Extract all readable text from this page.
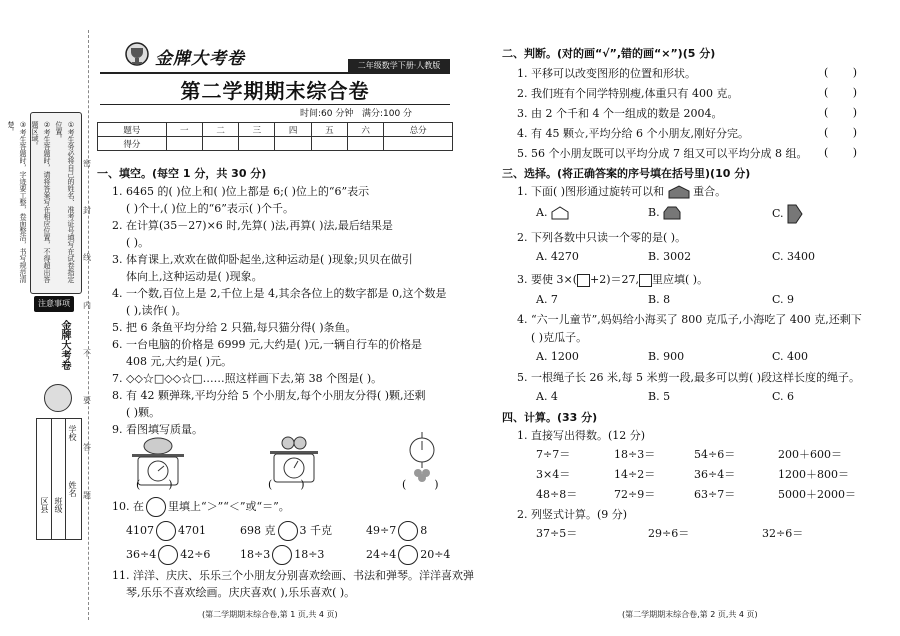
①考生务必将自己的姓名、准考证号填写在试卷指定位置。
②考生答题时，请将答案写在相应位置，不得超出答题区域。
③考生答题时，字迹要工整，卷面整洁，书写规范清楚。
注意事项
金牌大考卷
学校
姓名
区县 班级
密
封
线
内
不
要
答
题
金牌大考卷	二年级数学下册·人教版
第二学期期末综合卷
时间:60 分钟 满分:100 分
题号	一	二	三	四	五	六	总分
得分							
一、填空。(每空 1 分，共 30 分)
1. 6465 的( )位上和( )位上都是 6;( )位上的“6”表示
( )个十,( )位上的“6”表示( )个千。
2. 在计算(35－27)×6 时,先算( )法,再算( )法,最后结果是
( )。
3. 体育课上,欢欢在做仰卧起坐,这种运动是( )现象;贝贝在做引
体向上,这种运动是( )现象。
4. 一个数,百位上是 2,千位上是 4,其余各位上的数字都是 0,这个数是
( ),读作( )。
5. 把 6 条鱼平均分给 2 只猫,每只猫分得( )条鱼。
6. 一台电脑的价格是 6999 元,大约是( )元,一辆自行车的价格是
408 元,大约是( )元。
7. ◇◇☆□◇◇☆□……照这样画下去,第 38 个图是( )。
8. 有 42 颗弹珠,平均分给 5 个小朋友,每个小朋友分得( )颗,还剩
( )颗。
9. 看图填写质量。
(        )	(        )	(        )
10. 在 里填上“＞”“＜”或“＝”。
4107 4701	698 克 3 千克	49÷7 8
36÷4 42÷6	18÷3 18÷3	24÷4 20÷4
11. 洋洋、庆庆、乐乐三个小朋友分别喜欢绘画、书法和弹琴。洋洋喜欢弹
琴,乐乐不喜欢绘画。庆庆喜欢( ),乐乐喜欢( )。
(第二学期期末综合卷,第 1 页,共 4 页)
二、判断。(对的画“√”,错的画“×”)(5 分)
1. 平移可以改变图形的位置和形状。
2. 我们班有个同学特别瘦,体重只有 400 克。
3. 由 2 个千和 4 个一组成的数是 2004。
4. 有 45 颗☆,平均分给 6 个小朋友,刚好分完。
5. 56 个小朋友既可以平均分成 7 组又可以平均分成 8 组。
(       )
(       )
(       )
(       )
(       )
三、选择。(将正确答案的序号填在括号里)(10 分)
1. 下面( )图形通过旋转可以和	重合。
A.	B.	C.
2. 下列各数中只读一个零的是( )。
A. 4270	B. 3002	C. 3400
3. 要使 3×( +2)＝27, 里应填( )。
A. 7	B. 8	C. 9
4. “六一儿童节”,妈妈给小海买了 800 克瓜子,小海吃了 400 克,还剩下
( )克瓜子。
A. 1200	B. 900	C. 400
5. 一根绳子长 26 米,每 5 米剪一段,最多可以剪( )段这样长度的绳子。
A. 4	B. 5	C. 6
四、计算。(33 分)
1. 直接写出得数。(12 分)
7÷7＝	18÷3＝	54÷6＝	200＋600＝
3×4＝	14÷2＝	36÷4＝	1200＋800＝
48÷8＝	72÷9＝	63÷7＝	5000＋2000＝
2. 列竖式计算。(9 分)
37÷5＝	29÷6＝	32÷6＝
(第二学期期末综合卷,第 2 页,共 4 页)
